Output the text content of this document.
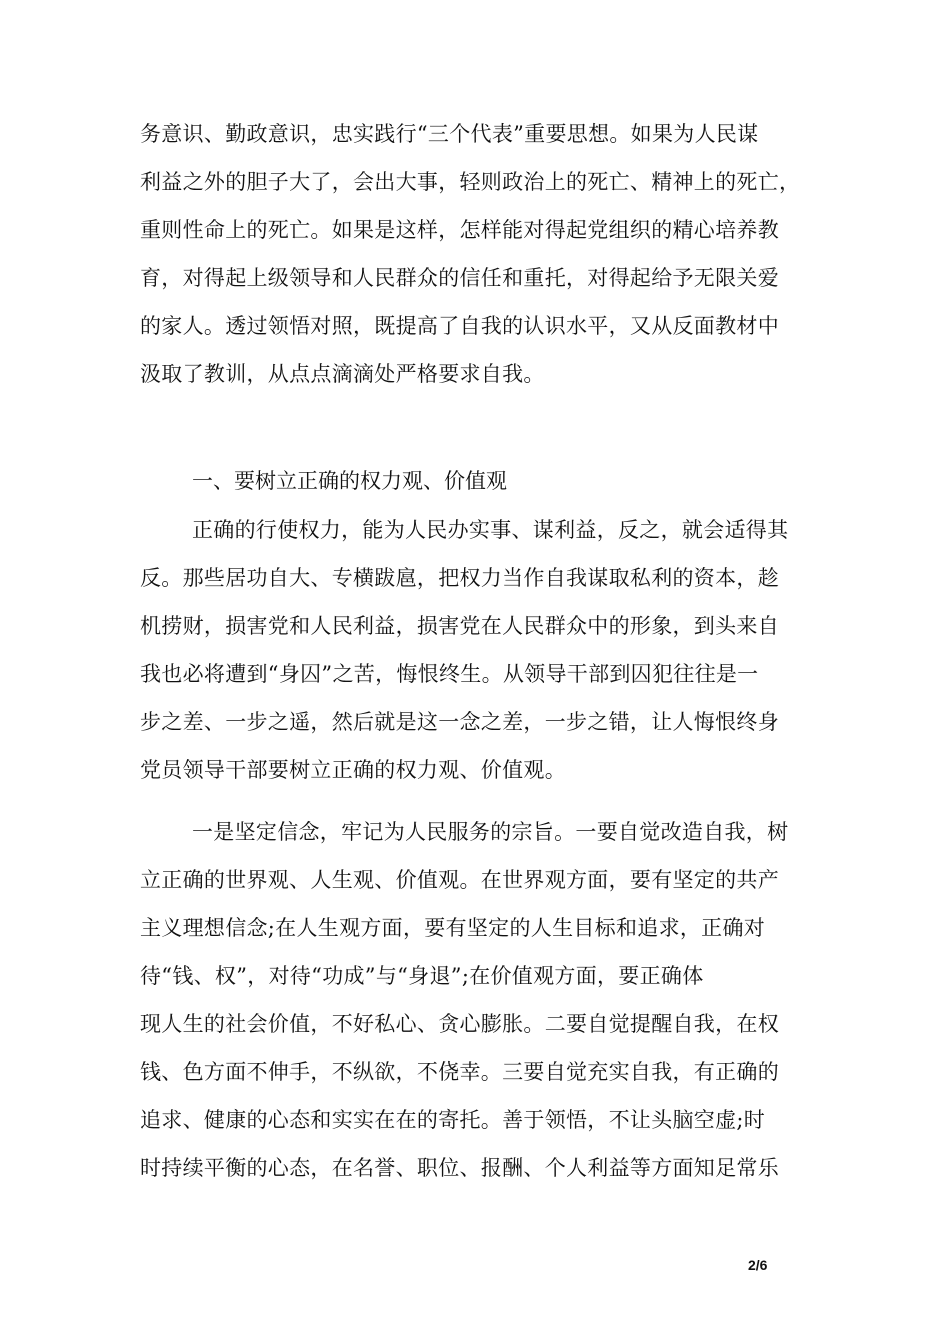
务意识、勤政意识，忠实践行“三个代表”重要思想。如果为人民谋
利益之外的胆子大了，会出大事，轻则政治上的死亡、精神上的死亡，
重则性命上的死亡。如果是这样，怎样能对得起党组织的精心培养教
育，对得起上级领导和人民群众的信任和重托，对得起给予无限关爱
的家人。透过领悟对照，既提高了自我的认识水平，又从反面教材中
汲取了教训，从点点滴滴处严格要求自我。
一、要树立正确的权力观、价值观
正确的行使权力，能为人民办实事、谋利益，反之，就会适得其
反。那些居功自大、专横跋扈，把权力当作自我谋取私利的资本，趁
机捞财，损害党和人民利益，损害党在人民群众中的形象，到头来自
我也必将遭到“身囚”之苦，悔恨终生。从领导干部到囚犯往往是一
步之差、一步之遥，然后就是这一念之差，一步之错，让人悔恨终身
党员领导干部要树立正确的权力观、价值观。
一是坚定信念，牢记为人民服务的宗旨。一要自觉改造自我，树
立正确的世界观、人生观、价值观。在世界观方面，要有坚定的共产
主义理想信念;在人生观方面，要有坚定的人生目标和追求，正确对
待“钱、权”，对待“功成”与“身退”;在价值观方面，要正确体
现人生的社会价值，不好私心、贪心膨胀。二要自觉提醒自我，在权
钱、色方面不伸手，不纵欲，不侥幸。三要自觉充实自我，有正确的
追求、健康的心态和实实在在的寄托。善于领悟，不让头脑空虚;时
时持续平衡的心态，在名誉、职位、报酬、个人利益等方面知足常乐
2/6
